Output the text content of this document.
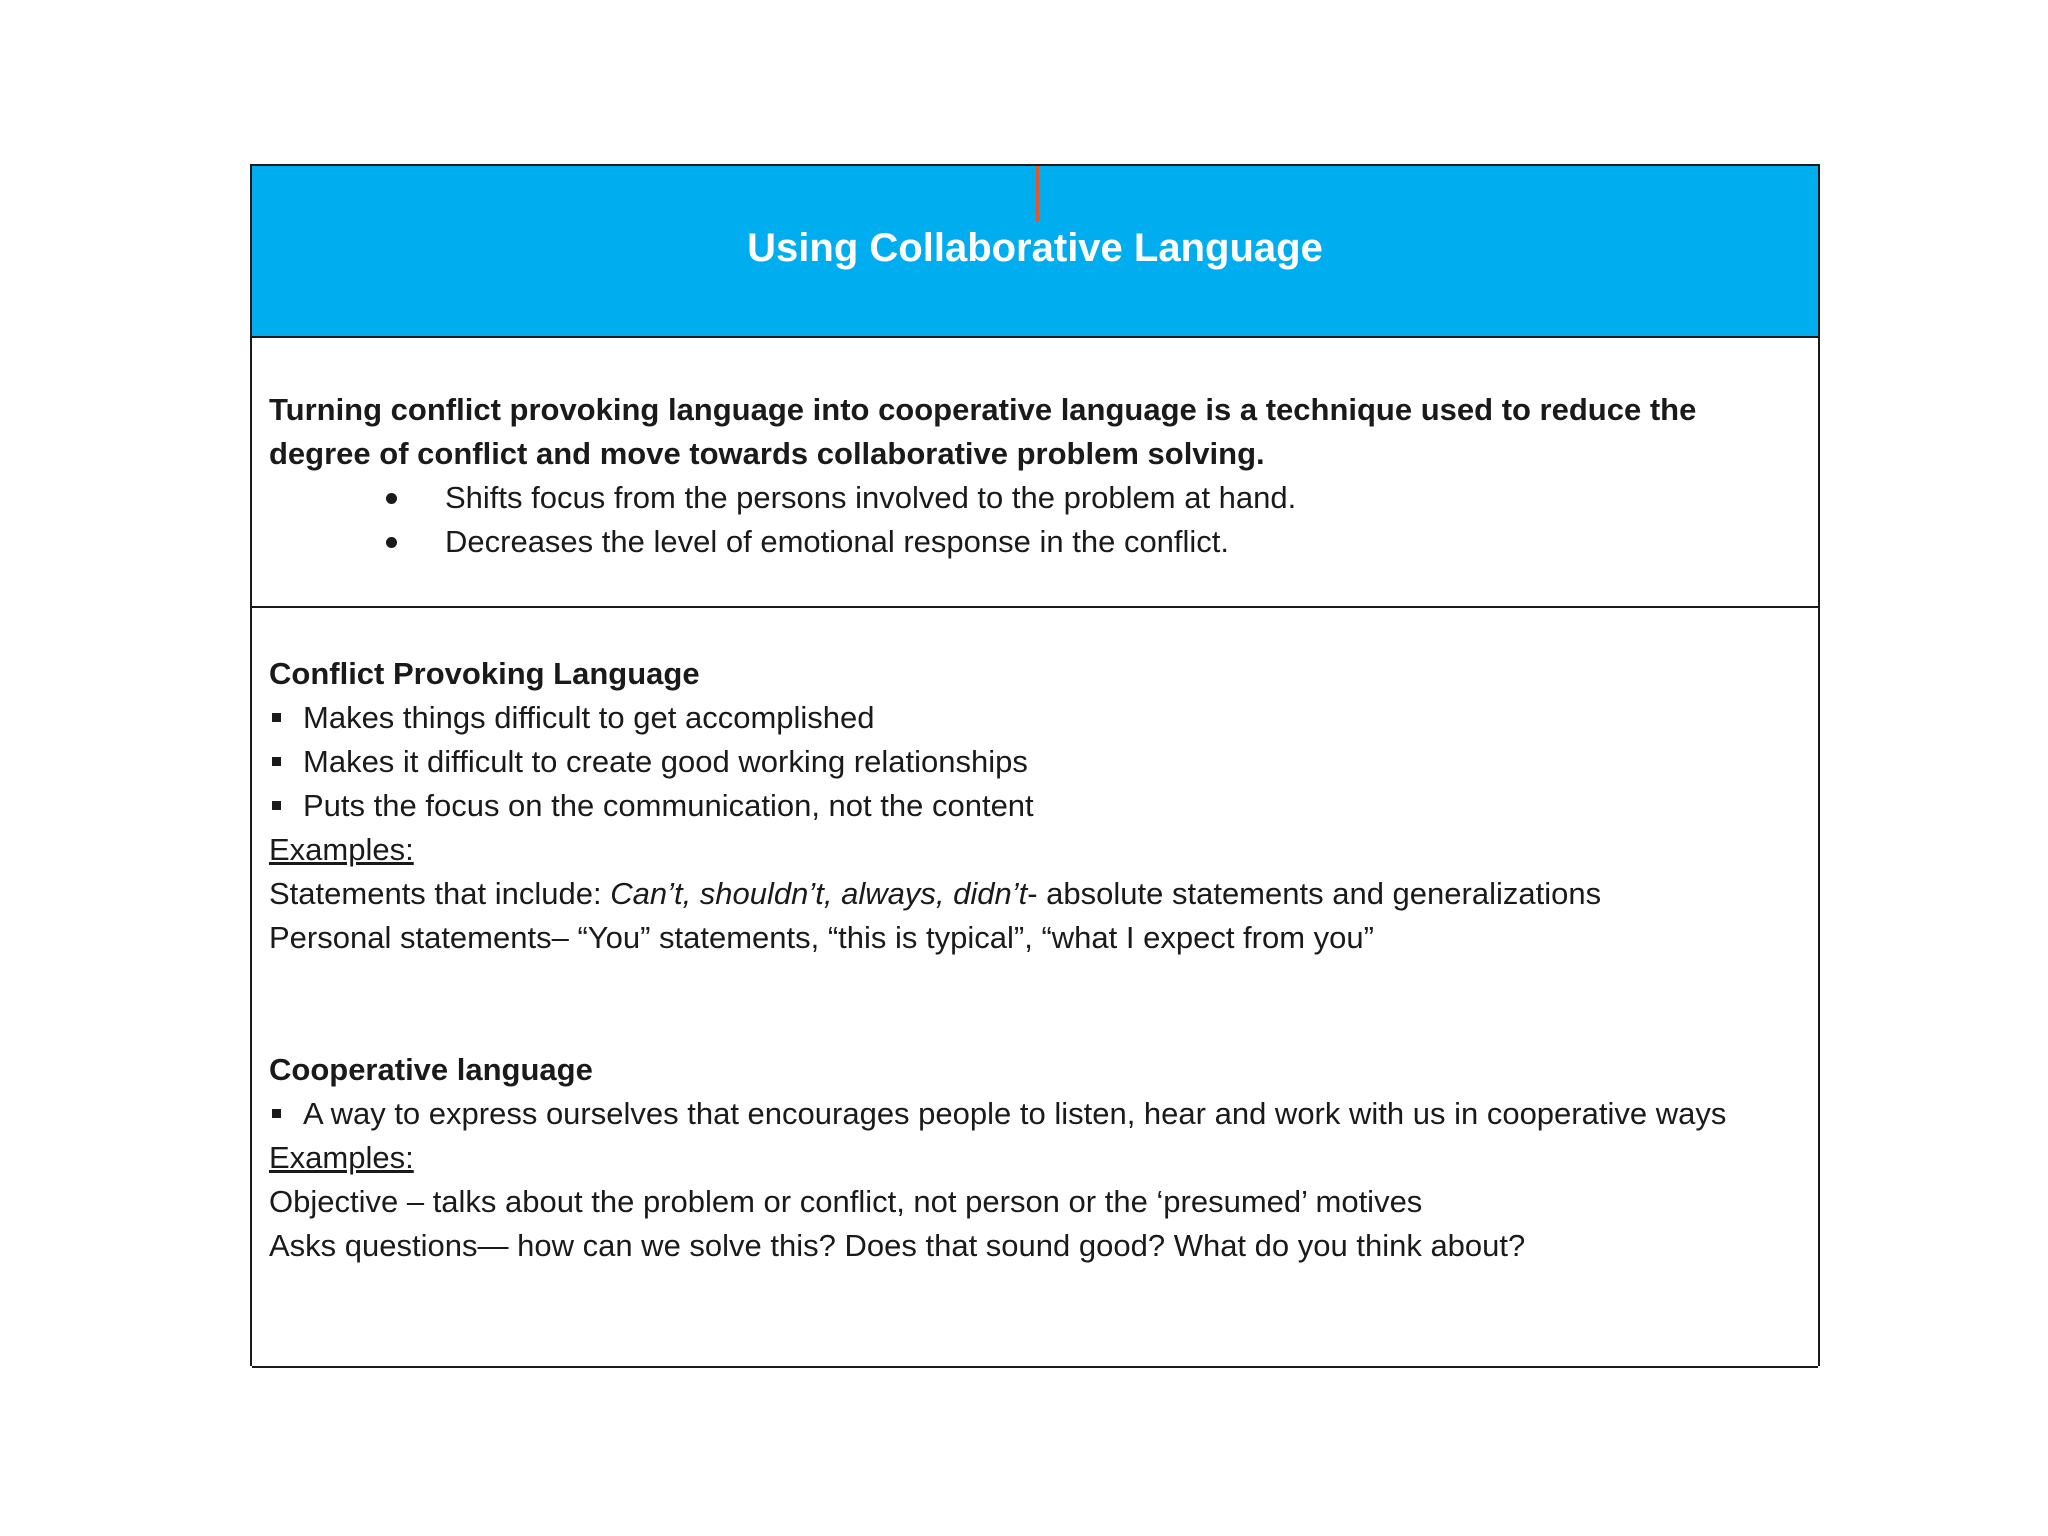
Using Collaborative Language

Turning conflict provoking language into cooperative language is a technique used to reduce the degree of conflict and move towards collaborative problem solving.

Shifts focus from the persons involved to the problem at hand.
Decreases the level of emotional response in the conflict.

Conflict Provoking Language

Makes things difficult to get accomplished
Makes it difficult to create good working relationships
Puts the focus on the communication, not the content

Examples:

Statements that include: Can’t, shouldn’t, always, didn’t- absolute statements and generalizations

Personal statements– “You” statements, “this is typical”, “what I expect from you”

Cooperative language

A way to express ourselves that encourages people to listen, hear and work with us in cooperative ways

Examples:

Objective – talks about the problem or conflict, not person or the ‘presumed’ motives

Asks questions— how can we solve this? Does that sound good? What do you think about?
